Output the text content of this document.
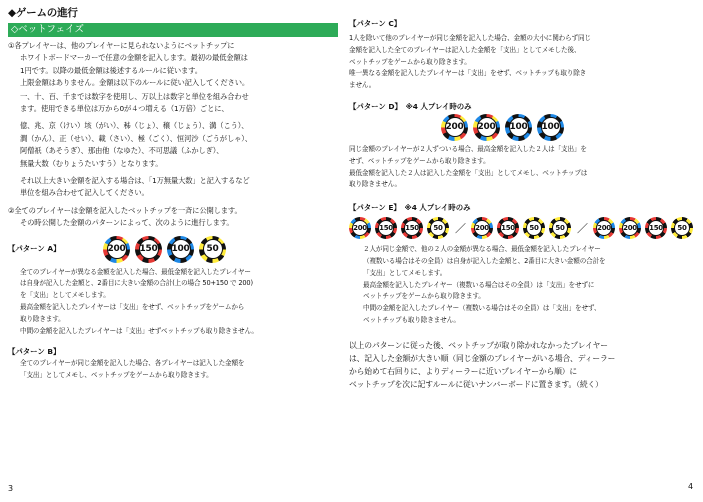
◆ゲームの進行
◇ベットフェイズ

①各プレイヤーは、他のプレイヤーに見られないようにベットチップに

ホワイトボードマーカーで任意の金額を記入します。最初の最低金額は

1円です。以降の最低金額は後述するルールに従います。

上限金額はありません。金額は以下のルールに従い記入してください。

一、十、百、千までは数字を使用し、万以上は数字と単位を組み合わせ

ます。使用できる単位は万から0が４つ増える（1万倍）ごとに、

億、兆、京（けい）垓（がい）、秭（じょ）、穣（じょう）、溝（こう）、

澗（かん）、正（せい）、載（さい）、極（ごく）、恒河沙（ごうがしゃ）、

阿僧祇（あそうぎ）、那由他（なゆた）、不可思議（ふかしぎ）、

無量大数（むりょうたいすう）となります。

それ以上大きい金額を記入する場合は、「1万無量大数」と記入するなど

単位を組み合わせて記入してください。

②全てのプレイヤーは金額を記入したベットチップを一斉に公開します。

その時公開した金額のパターンによって、次のように進行します。

【パターン A】	200 150 100	50

全てのプレイヤーが異なる金額を記入した場合、最低金額を記入したプレイヤー

は自身が記入した金額と、2番目に大きい金額の合計(上の場合 50+150 で 200)

を「支出」としてメモします。

最高金額を記入したプレイヤーは「支出」をせず、ベットチップをゲームから

取り除きます。

中間の金額を記入したプレイヤーは「支出」せずベットチップも取り除きません。

【パターン B】

全てのプレイヤーが同じ金額を記入した場合、各プレイヤーは記入した金額を

「支出」としてメモし、ベットチップをゲームから取り除きます。

3

【パターン C】

1人を除いて他のプレイヤーが同じ金額を記入した場合、金額の大小に関わらず同じ

金額を記入した全てのプレイヤーは記入した金額を「支出」としてメモした後、

ベットチップをゲームから取り除きます。

唯一異なる金額を記入したプレイヤーは「支出」をせず、ベットチップも取り除き

ません。

【パターン D】　※4 人プレイ時のみ

200 200 100 100

同じ金額のプレイヤーが２人ずついる場合、最高金額を記入した２人は「支出」を

せず、ベットチップをゲームから取り除きます。

最低金額を記入した２人は記入した金額を「支出」としてメモし、ベットチップは

取り除きません。

【パターン E】　※4 人プレイ時のみ

200 150 150	50	／ 200 150	50	50	／ 200 200 150	50

２人が同じ金額で、他の２人の金額が異なる場合、最低金額を記入したプレイヤー

（複数いる場合はその全員）は自身が記入した金額と、2番目に大きい金額の合計を

「支出」としてメモします。

最高金額を記入したプレイヤー（複数いる場合はその全員）は「支出」をせずに

ベットチップをゲームから取り除きます。

中間の金額を記入したプレイヤー（複数いる場合はその全員）は「支出」をせず、

ベットチップも取り除きません。

以上のパターンに従った後、ベットチップが取り除かれなかったプレイヤー

は、記入した金額が大きい順（同じ金額のプレイヤーがいる場合、ディーラー

から始めて右回りに、よりディーラーに近いプレイヤーから順）に

ベットチップを次に記すルールに従いナンバーボードに置きます。（続く）

4
